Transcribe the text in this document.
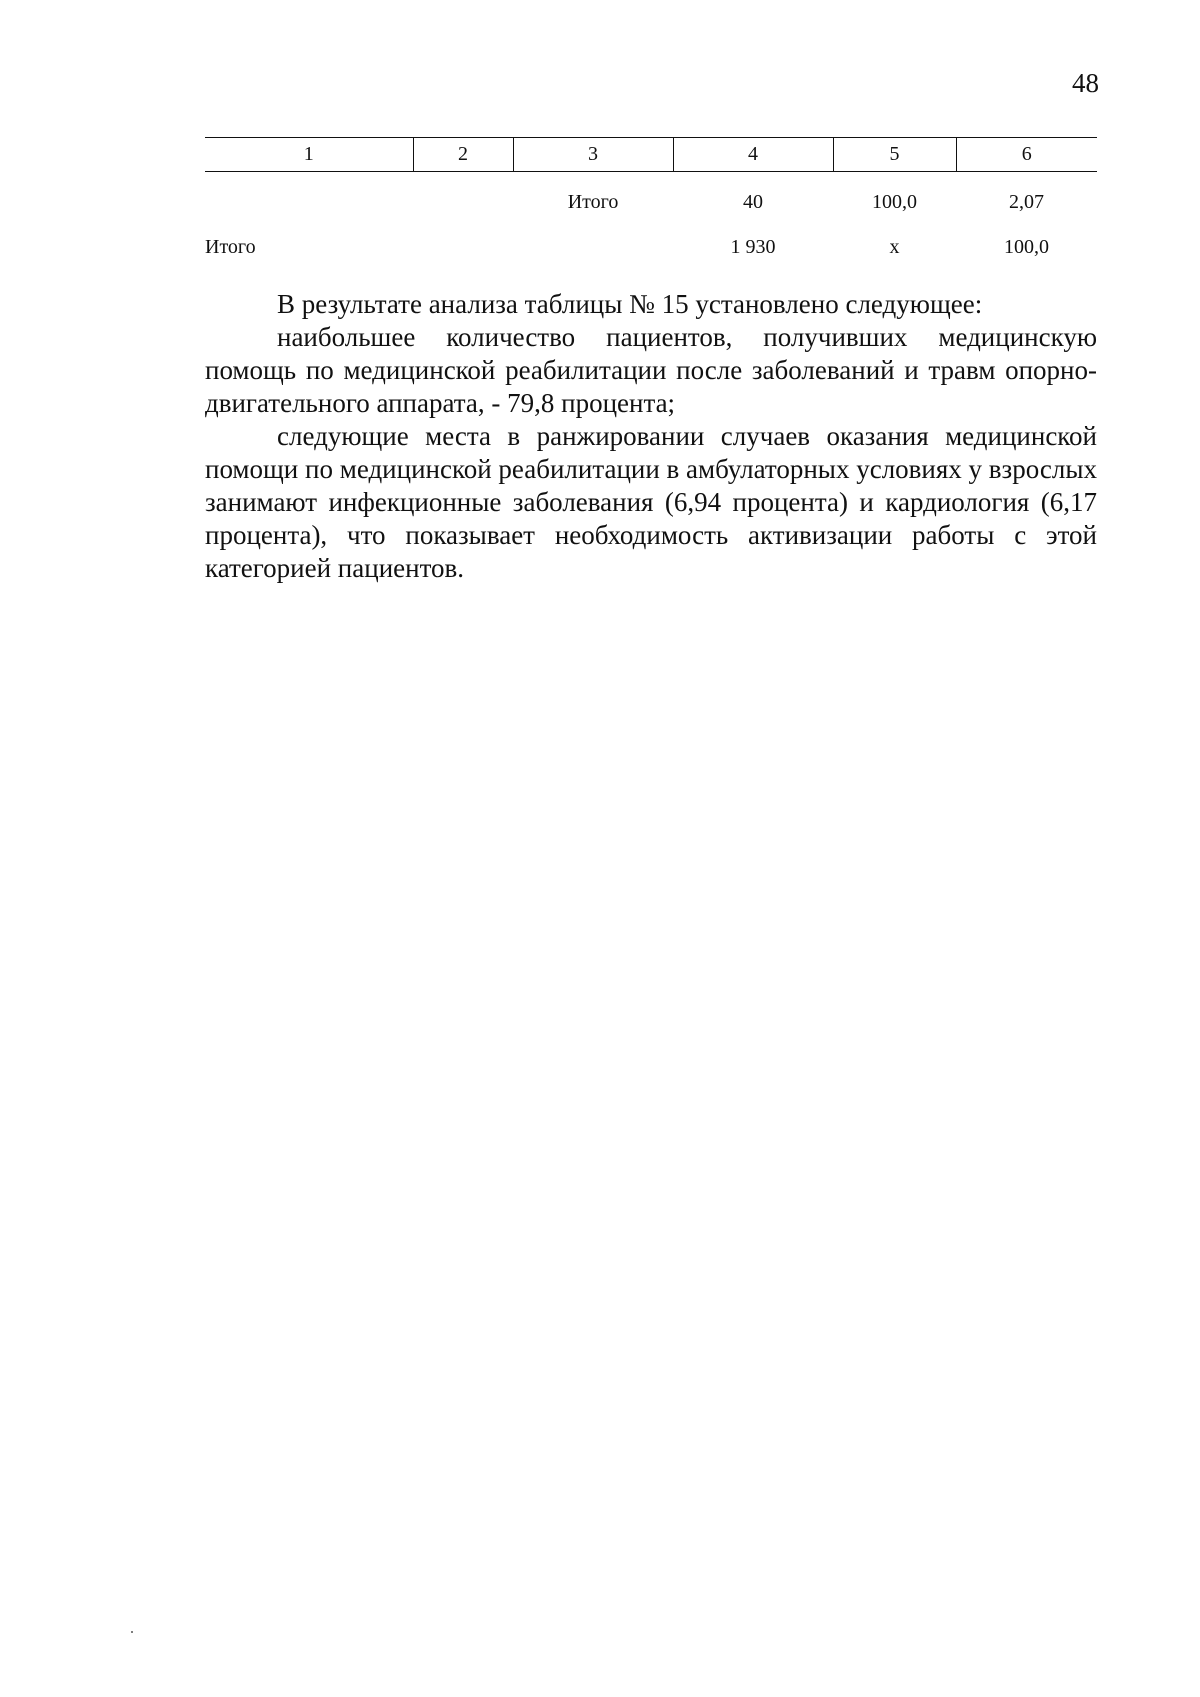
48
1	2	3	4	5	6
		Итого	40	100,0	2,07
Итого			1 930	х	100,0

В результате анализа таблицы № 15 установлено следующее:

наибольшее количество пациентов, получивших медицинскую помощь по медицинской реабилитации после заболеваний и травм опорно-двигательного аппарата, - 79,8 процента;

следующие места в ранжировании случаев оказания медицинской помощи по медицинской реабилитации в амбулаторных условиях у взрослых занимают инфекционные заболевания (6,94 процента) и кардиология (6,17 процента), что показывает необходимость активизации работы с этой категорией пациентов.
